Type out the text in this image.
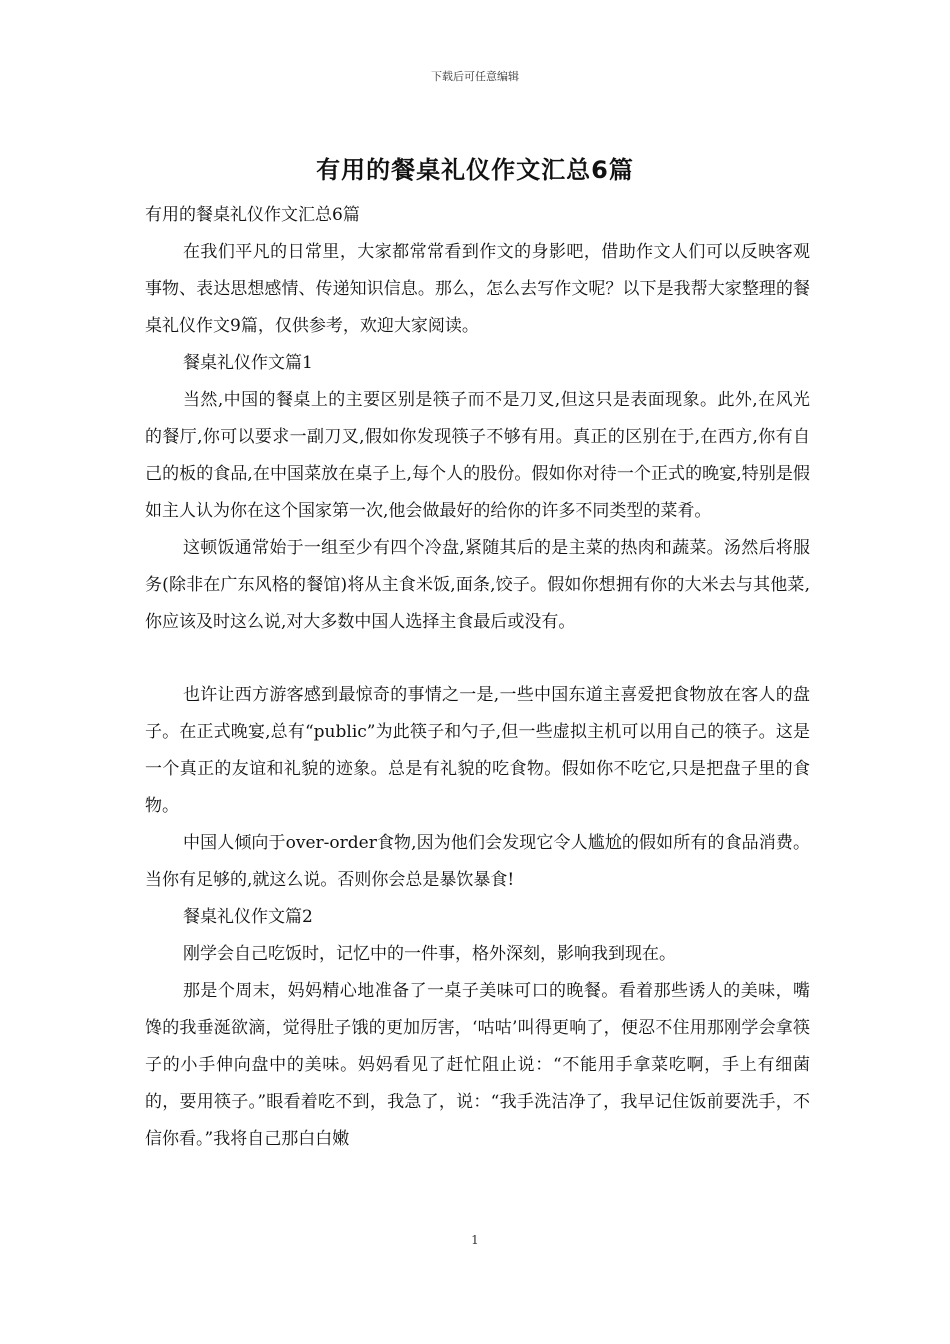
下载后可任意编辑
有用的餐桌礼仪作文汇总6篇

有用的餐桌礼仪作文汇总6篇

在我们平凡的日常里，大家都常常看到作文的身影吧，借助作文人们可以反映客观事物、表达思想感情、传递知识信息。那么，怎么去写作文呢？以下是我帮大家整理的餐桌礼仪作文9篇，仅供参考，欢迎大家阅读。

餐桌礼仪作文篇1

当然,中国的餐桌上的主要区别是筷子而不是刀叉,但这只是表面现象。此外,在风光的餐厅,你可以要求一副刀叉,假如你发现筷子不够有用。真正的区别在于,在西方,你有自己的板的食品,在中国菜放在桌子上,每个人的股份。假如你对待一个正式的晚宴,特别是假如主人认为你在这个国家第一次,他会做最好的给你的许多不同类型的菜肴。

这顿饭通常始于一组至少有四个冷盘,紧随其后的是主菜的热肉和蔬菜。汤然后将服务(除非在广东风格的餐馆)将从主食米饭,面条,饺子。假如你想拥有你的大米去与其他菜,你应该及时这么说,对大多数中国人选择主食最后或没有。

也许让西方游客感到最惊奇的事情之一是,一些中国东道主喜爱把食物放在客人的盘子。在正式晚宴,总有“public”为此筷子和勺子,但一些虚拟主机可以用自己的筷子。这是一个真正的友谊和礼貌的迹象。总是有礼貌的吃食物。假如你不吃它,只是把盘子里的食物。

中国人倾向于over-order食物,因为他们会发现它令人尴尬的假如所有的食品消费。当你有足够的,就这么说。否则你会总是暴饮暴食!

餐桌礼仪作文篇2

刚学会自己吃饭时，记忆中的一件事，格外深刻，影响我到现在。

那是个周末，妈妈精心地准备了一桌子美味可口的晚餐。看着那些诱人的美味，嘴馋的我垂涎欲滴，觉得肚子饿的更加厉害，‘咕咕’叫得更响了，便忍不住用那刚学会拿筷子的小手伸向盘中的美味。妈妈看见了赶忙阻止说：“不能用手拿菜吃啊，手上有细菌的，要用筷子。”眼看着吃不到，我急了，说：“我手洗洁净了，我早记住饭前要洗手，不信你看。”我将自己那白白嫩

1
